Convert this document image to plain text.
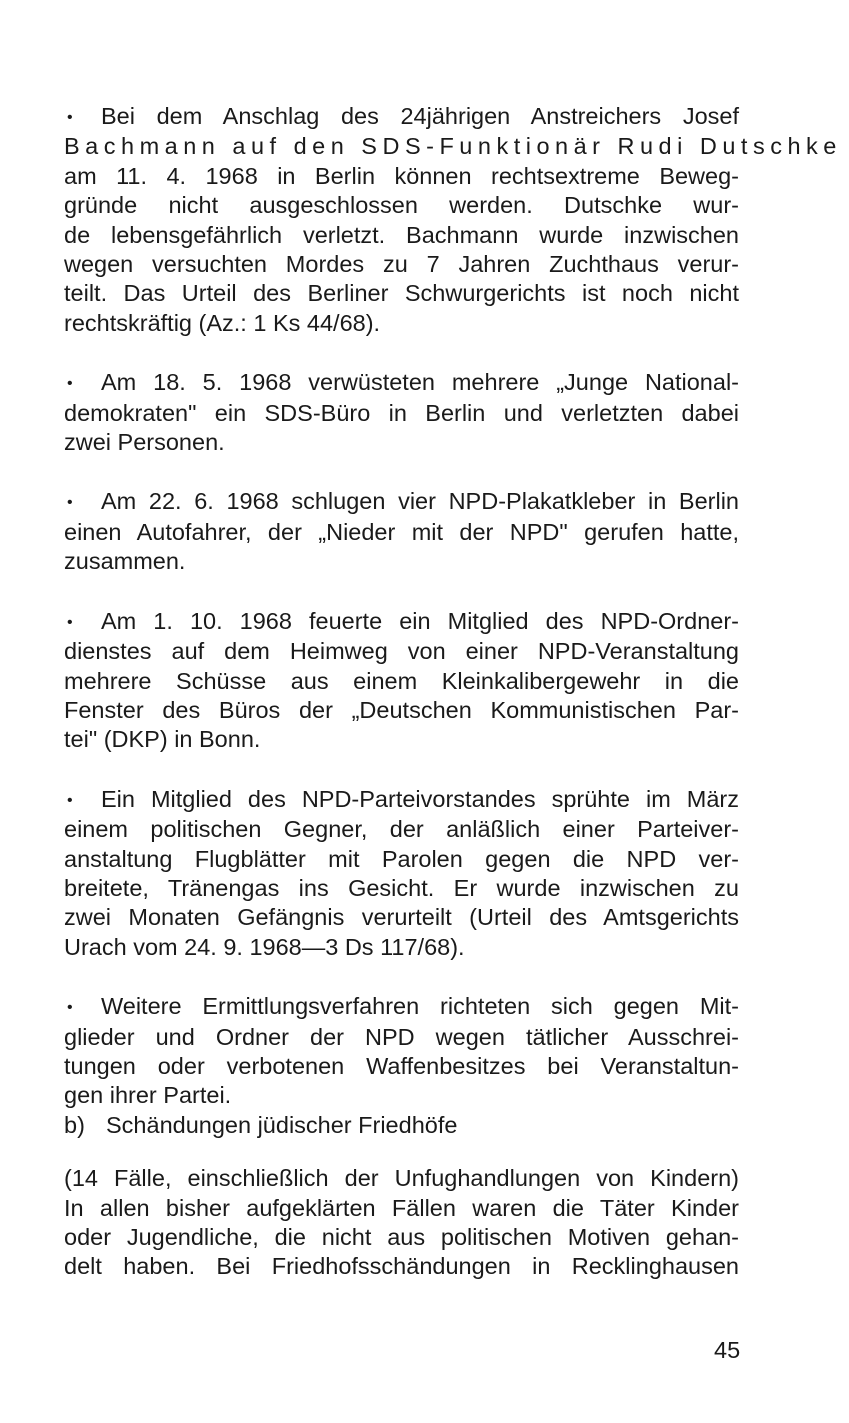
• Bei dem Anschlag des 24jährigen Anstreichers Josef
Bachmann auf den SDS-Funktionär Rudi Dutschke
am 11. 4. 1968 in Berlin können rechtsextreme Beweg-
gründe nicht ausgeschlossen werden. Dutschke wur-
de lebensgefährlich verletzt. Bachmann wurde inzwischen
wegen versuchten Mordes zu 7 Jahren Zuchthaus verur-
teilt. Das Urteil des Berliner Schwurgerichts ist noch nicht
rechtskräftig (Az.: 1 Ks 44/68).
• Am 18. 5. 1968 verwüsteten mehrere „Junge National-
demokraten" ein SDS-Büro in Berlin und verletzten dabei
zwei Personen.
• Am 22. 6. 1968 schlugen vier NPD-Plakatkleber in Berlin
einen Autofahrer, der „Nieder mit der NPD" gerufen hatte,
zusammen.
• Am 1. 10. 1968 feuerte ein Mitglied des NPD-Ordner-
dienstes auf dem Heimweg von einer NPD-Veranstaltung
mehrere Schüsse aus einem Kleinkalibergewehr in die
Fenster des Büros der „Deutschen Kommunistischen Par-
tei" (DKP) in Bonn.
• Ein Mitglied des NPD-Parteivorstandes sprühte im März
einem politischen Gegner, der anläßlich einer Parteiver-
anstaltung Flugblätter mit Parolen gegen die NPD ver-
breitete, Tränengas ins Gesicht. Er wurde inzwischen zu
zwei Monaten Gefängnis verurteilt (Urteil des Amtsgerichts
Urach vom 24. 9. 1968—3 Ds 117/68).
• Weitere Ermittlungsverfahren richteten sich gegen Mit-
glieder und Ordner der NPD wegen tätlicher Ausschrei-
tungen oder verbotenen Waffenbesitzes bei Veranstaltun-
gen ihrer Partei.
b) Schändungen jüdischer Friedhöfe
(14 Fälle, einschließlich der Unfughandlungen von Kindern)
In allen bisher aufgeklärten Fällen waren die Täter Kinder
oder Jugendliche, die nicht aus politischen Motiven gehan-
delt haben. Bei Friedhofsschändungen in Recklinghausen
45
